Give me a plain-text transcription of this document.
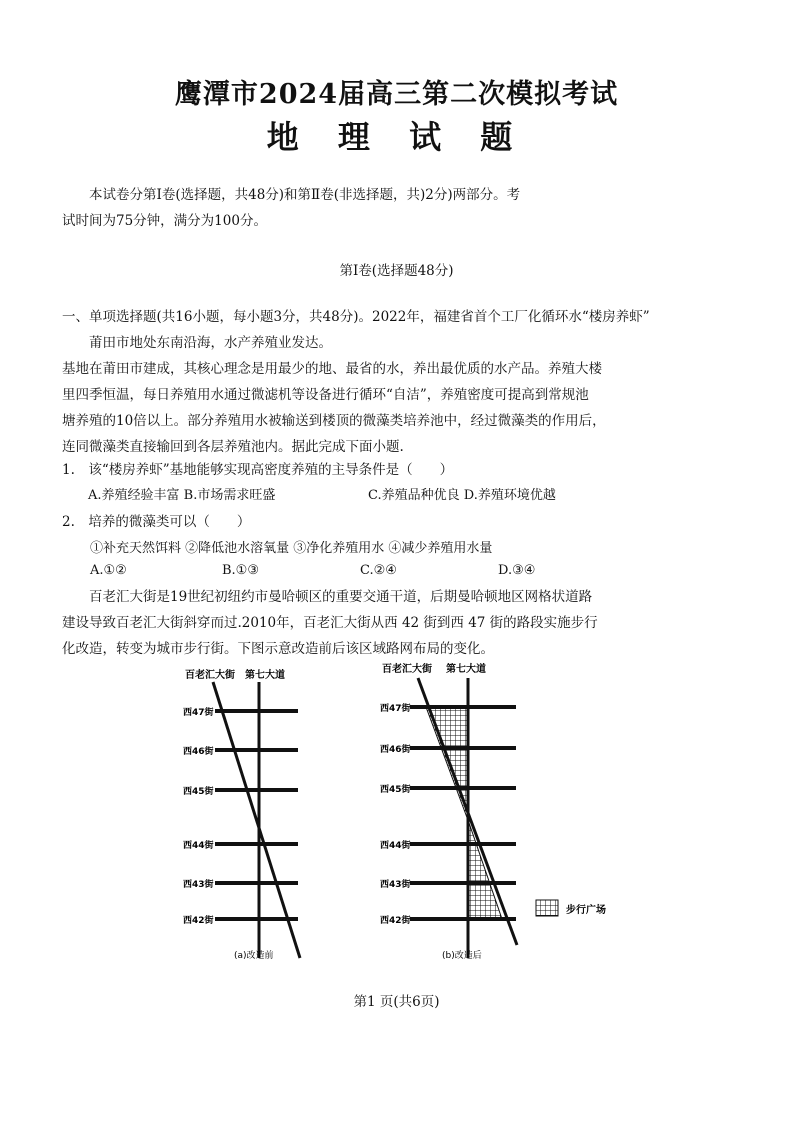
鹰潭市2024届高三第二次模拟考试
地 理 试 题
本试卷分第Ⅰ卷(选择题，共48分)和第Ⅱ卷(非选择题，共)2分)两部分。考
试时间为75分钟，满分为100分。
第Ⅰ卷(选择题48分)
一、单项选择题(共16小题，每小题3分，共48分)。2022年，福建省首个工厂化循环水“楼房养虾”
莆田市地处东南沿海，水产养殖业发达。
基地在莆田市建成，其核心理念是用最少的地、最省的水，养出最优质的水产品。养殖大楼
里四季恒温，每日养殖用水通过微滤机等设备进行循环“自洁”，养殖密度可提高到常规池
塘养殖的10倍以上。部分养殖用水被输送到楼顶的微藻类培养池中，经过微藻类的作用后，
连同微藻类直接输回到各层养殖池内。据此完成下面小题.
1.　该“楼房养虾”基地能够实现高密度养殖的主导条件是（　　）
A.养殖经验丰富 B.市场需求旺盛	C.养殖品种优良 D.养殖环境优越
2.　培养的微藻类可以（　　）
①补充天然饵料 ②降低池水溶氧量 ③净化养殖用水 ④减少养殖用水量
A.①②	B.①③	C.②④	D.③④
百老汇大街是19世纪初纽约市曼哈顿区的重要交通干道，后期曼哈顿地区网格状道路
建设导致百老汇大街斜穿而过.2010年，百老汇大街从西 42 街到西 47 街的路段实施步行
化改造，转变为城市步行街。下图示意改造前后该区域路网布局的变化。
百老汇大街 第七大道
西47街
西46街
西45街
西44街
西43街
西42街
(a)改造前
百老汇大街 第七大道
西47街
西46街
西45街
西44街
西43街
西42街
(b)改造后
步行广场
第1 页(共6页)
